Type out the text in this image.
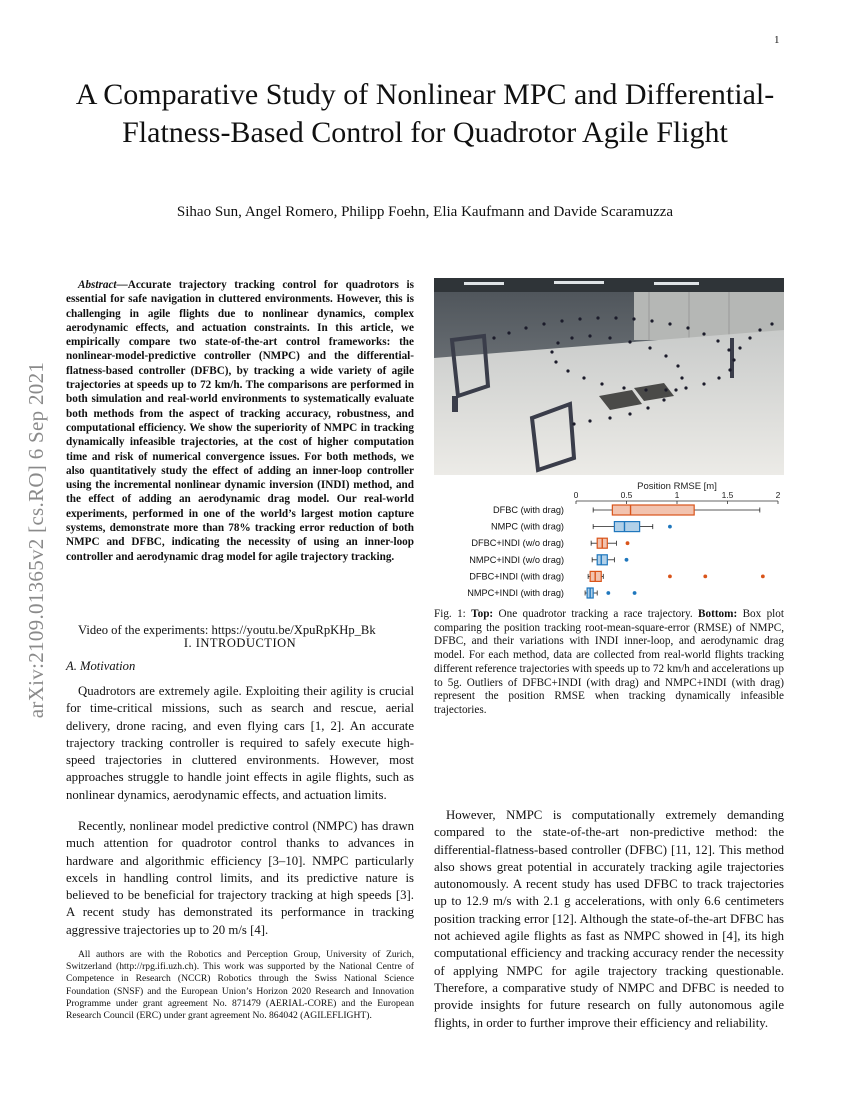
1
A Comparative Study of Nonlinear MPC and Differential-Flatness-Based Control for Quadrotor Agile Flight
Sihao Sun, Angel Romero, Philipp Foehn, Elia Kaufmann and Davide Scaramuzza
arXiv:2109.01365v2 [cs.RO] 6 Sep 2021
Abstract—Accurate trajectory tracking control for quadrotors is essential for safe navigation in cluttered environments. However, this is challenging in agile flights due to nonlinear dynamics, complex aerodynamic effects, and actuation constraints. In this article, we empirically compare two state-of-the-art control frameworks: the nonlinear-model-predictive controller (NMPC) and the differential-flatness-based controller (DFBC), by tracking a wide variety of agile trajectories at speeds up to 72 km/h. The comparisons are performed in both simulation and real-world environments to systematically evaluate both methods from the aspect of tracking accuracy, robustness, and computational efficiency. We show the superiority of NMPC in tracking dynamically infeasible trajectories, at the cost of higher computation time and risk of numerical convergence issues. For both methods, we also quantitatively study the effect of adding an inner-loop controller using the incremental nonlinear dynamic inversion (INDI) method, and the effect of adding an aerodynamic drag model. Our real-world experiments, performed in one of the world’s largest motion capture systems, demonstrate more than 78% tracking error reduction of both NMPC and DFBC, indicating the necessity of using an inner-loop controller and aerodynamic drag model for agile trajectory tracking.
Video of the experiments: https://youtu.be/XpuRpKHp_Bk
I. INTRODUCTION
A. Motivation

Quadrotors are extremely agile. Exploiting their agility is crucial for time-critical missions, such as search and rescue, aerial delivery, drone racing, and even flying cars [1, 2]. An accurate trajectory tracking controller is required to safely execute high-speed trajectories in cluttered environments. However, most approaches struggle to handle joint effects in agile flights, such as nonlinear dynamics, aerodynamic effects, and actuation limits.

Recently, nonlinear model predictive control (NMPC) has drawn much attention for quadrotor control thanks to advances in hardware and algorithmic efficiency [3–10]. NMPC particularly excels in handling control limits, and its predictive nature is believed to be beneficial for trajectory tracking at high speeds [3]. A recent study has demonstrated its performance in tracking aggressive trajectories up to 20 m/s [4].

All authors are with the Robotics and Perception Group, University of Zurich, Switzerland (http://rpg.ifi.uzh.ch). This work was supported by the National Centre of Competence in Research (NCCR) Robotics through the Swiss National Science Foundation (SNSF) and the European Union’s Horizon 2020 Research and Innovation Programme under grant agreement No. 871479 (AERIAL-CORE) and the European Research Council (ERC) under grant agreement No. 864042 (AGILEFLIGHT).
Position RMSE [m]
0	0.5	1	1.5	2
DFBC (with drag)
NMPC (with drag)
DFBC+INDI (w/o drag)
NMPC+INDI (w/o drag)
DFBC+INDI (with drag)
NMPC+INDI (with drag)
Fig. 1: Top: One quadrotor tracking a race trajectory. Bottom: Box plot comparing the position tracking root-mean-square-error (RMSE) of NMPC, DFBC, and their variations with INDI inner-loop, and aerodynamic drag model. For each method, data are collected from real-world flights tracking different reference trajectories with speeds up to 72 km/h and accelerations up to 5g. Outliers of DFBC+INDI (with drag) and NMPC+INDI (with drag) represent the position RMSE when tracking dynamically infeasible trajectories.

However, NMPC is computationally extremely demanding compared to the state-of-the-art non-predictive method: the differential-flatness-based controller (DFBC) [11, 12]. This method also shows great potential in accurately tracking agile trajectories autonomously. A recent study has used DFBC to track trajectories up to 12.9 m/s with 2.1 g accelerations, with only 6.6 centimeters position tracking error [12]. Although the state-of-the-art DFBC has not achieved agile flights as fast as NMPC showed in [4], its high computational efficiency and tracking accuracy render the necessity of applying NMPC for agile trajectory tracking questionable. Therefore, a comparative study of NMPC and DFBC is needed to provide insights for future research on fully autonomous agile flights, in order to further improve their efficiency and reliability.
